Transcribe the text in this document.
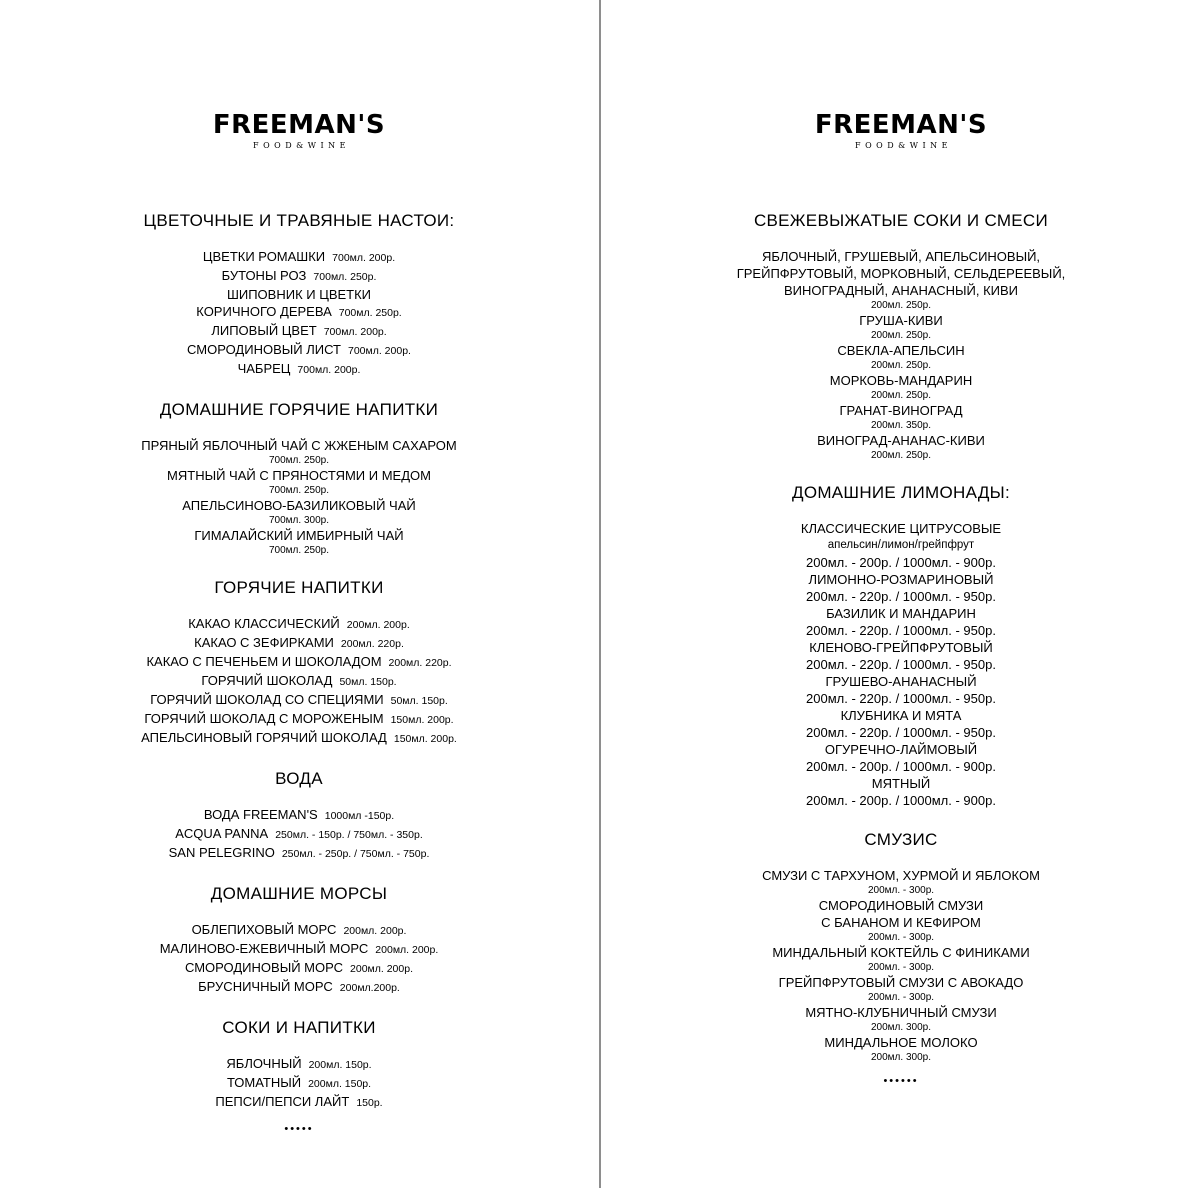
FREEMAN'S
FOOD&WINE
ЦВЕТОЧНЫЕ И ТРАВЯНЫЕ НАСТОИ:
ЦВЕТКИ РОМАШКИ 700мл. 200р.
БУТОНЫ РОЗ 700мл. 250р.
ШИПОВНИК И ЦВЕТКИ
КОРИЧНОГО ДЕРЕВА 700мл. 250р.
ЛИПОВЫЙ ЦВЕТ 700мл. 200р.
СМОРОДИНОВЫЙ ЛИСТ 700мл. 200р.
ЧАБРЕЦ 700мл. 200р.
ДОМАШНИЕ ГОРЯЧИЕ НАПИТКИ
ПРЯНЫЙ ЯБЛОЧНЫЙ ЧАЙ С ЖЖЕНЫМ САХАРОМ
700мл. 250р.
МЯТНЫЙ ЧАЙ С ПРЯНОСТЯМИ И МЕДОМ
700мл. 250р.
АПЕЛЬСИНОВО-БАЗИЛИКОВЫЙ ЧАЙ
700мл. 300р.
ГИМАЛАЙСКИЙ ИМБИРНЫЙ ЧАЙ
700мл. 250р.
ГОРЯЧИЕ НАПИТКИ
КАКАО КЛАССИЧЕСКИЙ 200мл. 200р.
КАКАО С ЗЕФИРКАМИ 200мл. 220р.
КАКАО С ПЕЧЕНЬЕМ И ШОКОЛАДОМ 200мл. 220р.
ГОРЯЧИЙ ШОКОЛАД 50мл. 150р.
ГОРЯЧИЙ ШОКОЛАД СО СПЕЦИЯМИ 50мл. 150р.
ГОРЯЧИЙ ШОКОЛАД С МОРОЖЕНЫМ 150мл. 200р.
АПЕЛЬСИНОВЫЙ ГОРЯЧИЙ ШОКОЛАД 150мл. 200р.
ВОДА
ВОДА FREEMAN'S 1000мл -150р.
ACQUA PANNA 250мл. - 150р. / 750мл. - 350р.
SAN PELEGRINO 250мл. - 250р. / 750мл. - 750р.
ДОМАШНИЕ МОРСЫ
ОБЛЕПИХОВЫЙ МОРС 200мл. 200р.
МАЛИНОВО-ЕЖЕВИЧНЫЙ МОРС 200мл. 200р.
СМОРОДИНОВЫЙ МОРС 200мл. 200р.
БРУСНИЧНЫЙ МОРС 200мл.200р.
СОКИ И НАПИТКИ
ЯБЛОЧНЫЙ 200мл. 150р.
ТОМАТНЫЙ 200мл. 150р.
ПЕПСИ/ПЕПСИ ЛАЙТ 150р.
•••••
FREEMAN'S
FOOD&WINE
СВЕЖЕВЫЖАТЫЕ СОКИ И СМЕСИ
ЯБЛОЧНЫЙ, ГРУШЕВЫЙ, АПЕЛЬСИНОВЫЙ,
ГРЕЙПФРУТОВЫЙ, МОРКОВНЫЙ, СЕЛЬДЕРЕЕВЫЙ,
ВИНОГРАДНЫЙ, АНАНАСНЫЙ, КИВИ
200мл. 250р.
ГРУША-КИВИ
200мл. 250р.
СВЕКЛА-АПЕЛЬСИН
200мл. 250р.
МОРКОВЬ-МАНДАРИН
200мл. 250р.
ГРАНАТ-ВИНОГРАД
200мл. 350р.
ВИНОГРАД-АНАНАС-КИВИ
200мл. 250р.
ДОМАШНИЕ ЛИМОНАДЫ:
КЛАССИЧЕСКИЕ ЦИТРУСОВЫЕ
апельсин/лимон/грейпфрут
200мл. - 200р. / 1000мл. - 900р.
ЛИМОННО-РОЗМАРИНОВЫЙ
200мл. - 220р. / 1000мл. - 950р.
БАЗИЛИК И МАНДАРИН
200мл. - 220р. / 1000мл. - 950р.
КЛЕНОВО-ГРЕЙПФРУТОВЫЙ
200мл. - 220р. / 1000мл. - 950р.
ГРУШЕВО-АНАНАСНЫЙ
200мл. - 220р. / 1000мл. - 950р.
КЛУБНИКА И МЯТА
200мл. - 220р. / 1000мл. - 950р.
ОГУРЕЧНО-ЛАЙМОВЫЙ
200мл. - 200р. / 1000мл. - 900р.
МЯТНЫЙ
200мл. - 200р. / 1000мл. - 900р.
СМУЗИС
СМУЗИ С ТАРХУНОМ, ХУРМОЙ И ЯБЛОКОМ
200мл. - 300р.
СМОРОДИНОВЫЙ СМУЗИ
С БАНАНОМ И КЕФИРОМ
200мл. - 300р.
МИНДАЛЬНЫЙ КОКТЕЙЛЬ С ФИНИКАМИ
200мл. - 300р.
ГРЕЙПФРУТОВЫЙ СМУЗИ С АВОКАДО
200мл. - 300р.
МЯТНО-КЛУБНИЧНЫЙ СМУЗИ
200мл. 300р.
МИНДАЛЬНОЕ МОЛОКО
200мл. 300р.
••••••
